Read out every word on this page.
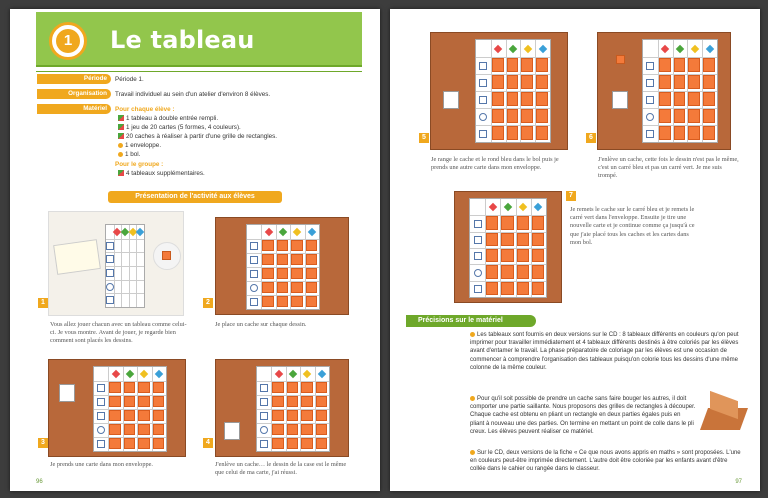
1	Le tableau
Période	Période 1.
Organisation	Travail individuel au sein d'un atelier d'environ 8 élèves.
Matériel	Pour chaque élève :
1 tableau à double entrée rempli.
1 jeu de 20 cartes (5 formes, 4 couleurs).
20 caches à réaliser à partir d'une grille de rectangles.
1 enveloppe.
1 bol.
Pour le groupe :
4 tableaux supplémentaires.
Présentation de l'activité aux élèves
1
Vous allez jouer chacun avec un tableau comme celui-ci. Je vous montre. Avant de jouer, je regarde bien comment sont placés les dessins.
2
Je place un cache sur chaque dessin.
3
Je prends une carte dans mon enveloppe.
4
J'enlève un cache… le dessin de la case est le même que celui de ma carte, j'ai réussi.
96
5
Je range le cache et le rond bleu dans le bol puis je prends une autre carte dans mon enveloppe.
6
J'enlève un cache, cette fois le dessin n'est pas le même, c'est un carré bleu et pas un carré vert. Je me suis trompé.
7
Je remets le cache sur le carré bleu et je remets le carré vert dans l'enveloppe. Ensuite je tire une nouvelle carte et je continue comme ça jusqu'à ce que j'aie placé tous les caches et les cartes dans mon bol.
Précisions sur le matériel
Les tableaux sont fournis en deux versions sur le CD : 8 tableaux différents en couleurs qu'on peut imprimer pour travailler immédiatement et 4 tableaux différents destinés à être coloriés par les élèves avant d'entamer le travail. La phase préparatoire de coloriage par les élèves est une occasion de commencer à comprendre l'organisation des tableaux puisqu'on colorie tous les dessins d'une même colonne de la même couleur.
Pour qu'il soit possible de prendre un cache sans faire bouger les autres, il doit comporter une partie saillante. Nous proposons des grilles de rectangles à découper. Chaque cache est obtenu en pliant un rectangle en deux parties égales puis en pliant à nouveau une des parties. On termine en mettant un point de colle dans le pli creux. Les élèves peuvent réaliser ce matériel.
Sur le CD, deux versions de la fiche « Ce que nous avons appris en maths » sont proposées. L'une en couleurs peut-être imprimée directement. L'autre doit être coloriée par les enfants avant d'être collée dans le cahier ou rangée dans le classeur.
97
